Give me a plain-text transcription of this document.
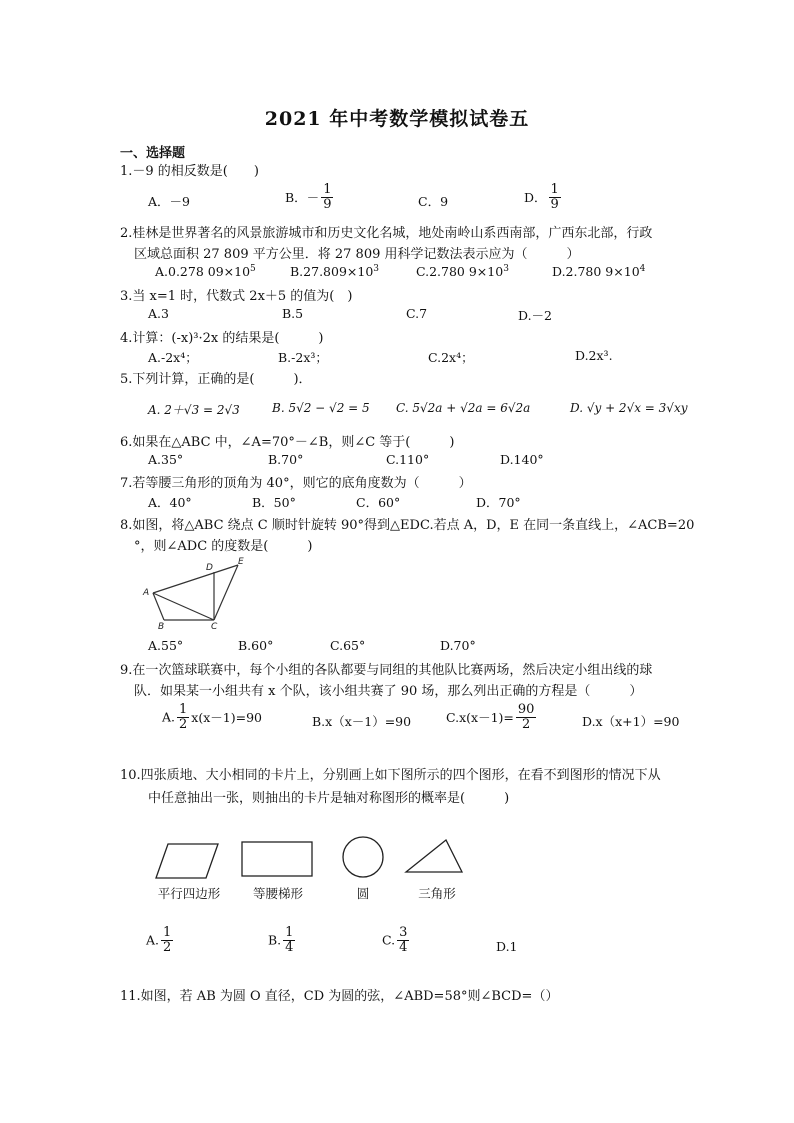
2021 年中考数学模拟试卷五
一、选择题
1.－9 的相反数是(　　)
A．－9	B．－ $\frac{1}{9}$	C．9	D． $\frac{1}{9}$
2.桂林是世界著名的风景旅游城市和历史文化名城，地处南岭山系西南部，广西东北部，行政
区域总面积 27 809 平方公里．将 27 809 用科学记数法表示应为（　　　）
A.0.278 $09\times 10^5$	$B.27.809\times 10^3$	C.2.780 $9\times 10^3$	D.2.780 $9\times 10^4$
3.当 x=1 时，代数式 2x＋5 的值为(　)
A.3	B.5	C.7	D.－2
4.计算：(-x)³·2x 的结果是(　　　)
A.-2x⁴；	B.-2x³；	C.2x⁴；	D.2x³.
5.下列计算，正确的是(　　　)．
A. 2＋√3 = 2√3	B. 5√2 − √2 = 5 C. 5√2a + √2a = 6√2a	D. √y + 2√x = 3√xy
6.如果在△ABC 中，∠A=70°－∠B，则∠C 等于(　　　)
A.35°	B.70°	C.110°	D.140°
7.若等腰三角形的顶角为 40°，则它的底角度数为（　　　）
A．40°	B．50°	C．60°	D．70°
8.如图，将△ABC 绕点 C 顺时针旋转 90°得到△EDC.若点 A，D，E 在同一条直线上，∠ACB=20
°，则∠ADC 的度数是(　　　)
A
B	C
D
E
A.55°	B.60°	C.65°	D.70°
9.在一次篮球联赛中，每个小组的各队都要与同组的其他队比赛两场，然后决定小组出线的球
队．如果某一小组共有 x 个队，该小组共赛了 90 场，那么列出正确的方程是（　　　）
A. $\frac{1}{2} x(x-1)=90$	B.x（x－1）=90	$C.x(x-1)= \frac{90}{2}$	D.x（x+1）=90
10.四张质地、大小相同的卡片上，分别画上如下图所示的四个图形，在看不到图形的情况下从
中任意抽出一张，则抽出的卡片是轴对称图形的概率是(　　　)
平行四边形	等腰梯形	圆	三角形
A. $\frac{1}{2}$	B. $\frac{1}{4}$	C. $\frac{3}{4}$	D.1
11.如图，若 AB 为圆 O 直径，CD 为圆的弦，∠ABD=58°则∠BCD=（）
